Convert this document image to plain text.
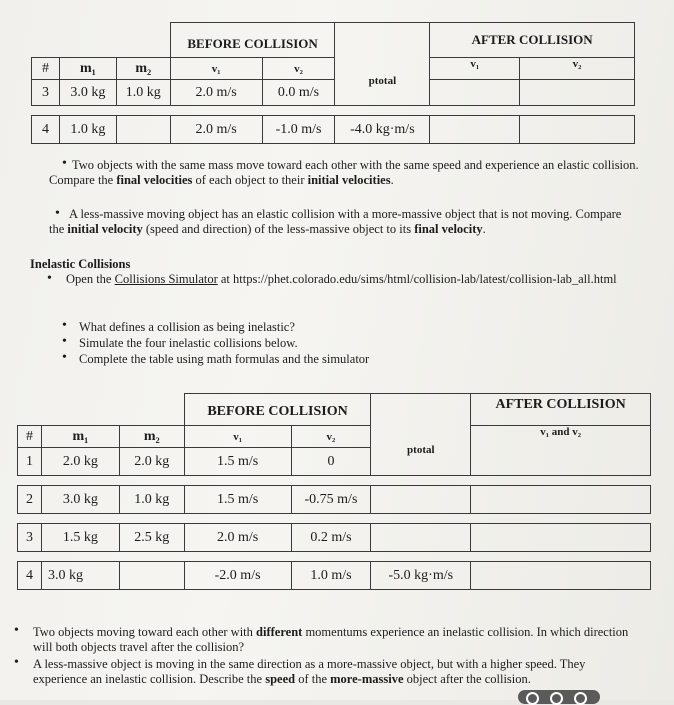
			BEFORE COLLISION			AFTER COLLISION	
#	m₁	m₂	v₁	v₂	ptotal	v₁	v₂
3	3.0 kg	1.0 kg	2.0 m/s	0.0 m/s			

4	1.0 kg		2.0 m/s	-1.0 m/s	-4.0 kg·m/s		
• Two objects with the same mass move toward each other with the same speed and experience an elastic collision. Compare the final velocities of each object to their initial velocities.
• A less-massive moving object has an elastic collision with a more-massive object that is not moving. Compare the initial velocity (speed and direction) of the less-massive object to its final velocity.
Inelastic Collisions
• Open the Collisions Simulator at https://phet.colorado.edu/sims/html/collision-lab/latest/collision-lab_all.html
• What defines a collision as being inelastic?
• Simulate the four inelastic collisions below.
• Complete the table using math formulas and the simulator
			BEFORE COLLISION			AFTER COLLISION
#	m₁	m₂	v₁	v₂	ptotal	v₁ and v₂
1	2.0 kg	2.0 kg	1.5 m/s	0		

2	3.0 kg	1.0 kg	1.5 m/s	-0.75 m/s		

3	1.5 kg	2.5 kg	2.0 m/s	0.2 m/s		

4	3.0 kg		-2.0 m/s	1.0 m/s	-5.0 kg·m/s	
• Two objects moving toward each other with different momentums experience an inelastic collision. In which direction will both objects travel after the collision?
• A less-massive object is moving in the same direction as a more-massive object, but with a higher speed. They experience an inelastic collision. Describe the speed of the more-massive object after the collision.
